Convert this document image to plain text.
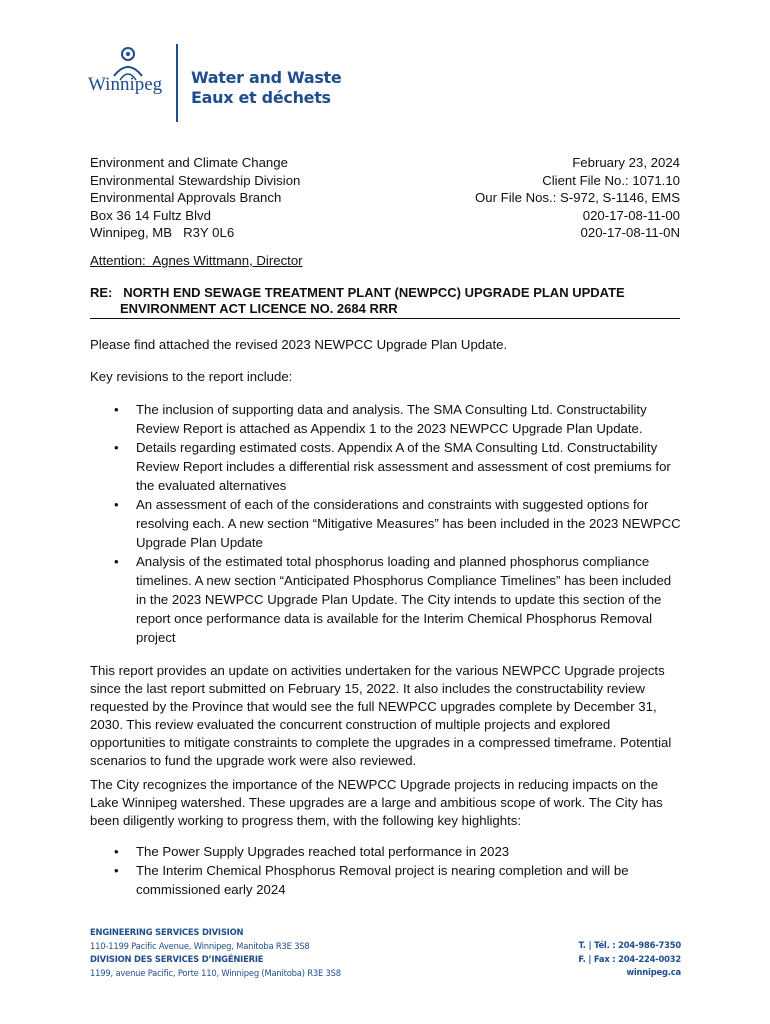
Winnipeg Water and Waste
Eaux et déchets
Environment and Climate Change
Environmental Stewardship Division
Environmental Approvals Branch
Box 36 14 Fultz Blvd
Winnipeg, MB   R3Y 0L6
February 23, 2024
Client File No.: 1071.10
Our File Nos.: S-972, S-1146, EMS
020-17-08-11-00
020-17-08-11-0N
Attention:  Agnes Wittmann, Director
RE:   NORTH END SEWAGE TREATMENT PLANT (NEWPCC) UPGRADE PLAN UPDATE
ENVIRONMENT ACT LICENCE NO. 2684 RRR
Please find attached the revised 2023 NEWPCC Upgrade Plan Update.
Key revisions to the report include:
• The inclusion of supporting data and analysis. The SMA Consulting Ltd. Constructability Review Report is attached as Appendix 1 to the 2023 NEWPCC Upgrade Plan Update.
• Details regarding estimated costs. Appendix A of the SMA Consulting Ltd. Constructability Review Report includes a differential risk assessment and assessment of cost premiums for the evaluated alternatives
• An assessment of each of the considerations and constraints with suggested options for resolving each. A new section “Mitigative Measures” has been included in the 2023 NEWPCC Upgrade Plan Update
• Analysis of the estimated total phosphorus loading and planned phosphorus compliance timelines. A new section “Anticipated Phosphorus Compliance Timelines” has been included in the 2023 NEWPCC Upgrade Plan Update. The City intends to update this section of the report once performance data is available for the Interim Chemical Phosphorus Removal project
This report provides an update on activities undertaken for the various NEWPCC Upgrade projects since the last report submitted on February 15, 2022. It also includes the constructability review requested by the Province that would see the full NEWPCC upgrades complete by December 31, 2030. This review evaluated the concurrent construction of multiple projects and explored opportunities to mitigate constraints to complete the upgrades in a compressed timeframe. Potential scenarios to fund the upgrade work were also reviewed.
The City recognizes the importance of the NEWPCC Upgrade projects in reducing impacts on the Lake Winnipeg watershed. These upgrades are a large and ambitious scope of work. The City has been diligently working to progress them, with the following key highlights:
• The Power Supply Upgrades reached total performance in 2023
• The Interim Chemical Phosphorus Removal project is nearing completion and will be commissioned early 2024
ENGINEERING SERVICES DIVISION
110-1199 Pacific Avenue, Winnipeg, Manitoba R3E 3S8
DIVISION DES SERVICES D’INGÉNIERIE
1199, avenue Pacific, Porte 110, Winnipeg (Manitoba) R3E 3S8
T. | Tél. : 204-986-7350
F. | Fax : 204-224-0032
winnipeg.ca
